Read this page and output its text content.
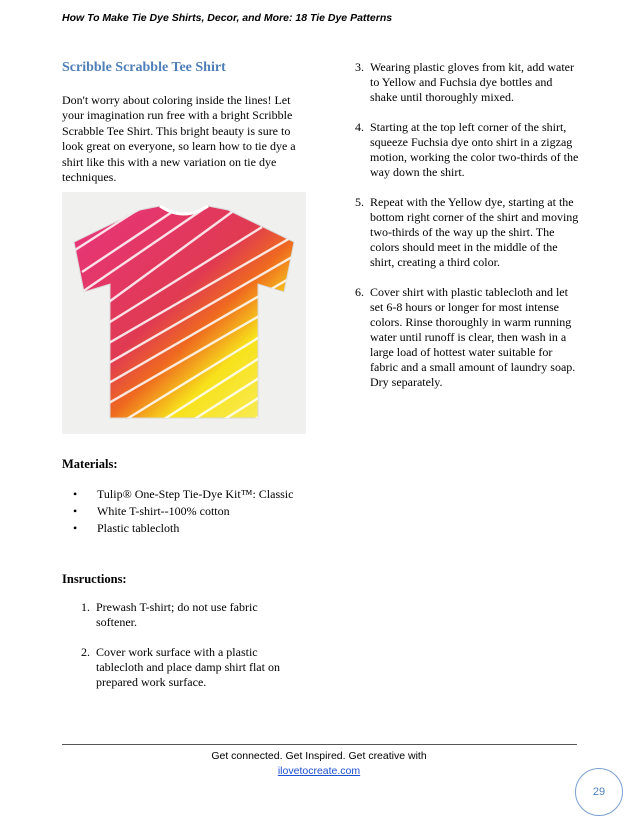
How To Make Tie Dye Shirts, Decor, and More: 18 Tie Dye Patterns
Scribble Scrabble Tee Shirt
Don't worry about coloring inside the lines! Let your imagination run free with a bright Scribble Scrabble Tee Shirt. This bright beauty is sure to look great on everyone, so learn how to tie dye a shirt like this with a new variation on tie dye techniques.
Materials:
• Tulip® One-Step Tie-Dye Kit™: Classic
• White T-shirt--100% cotton
• Plastic tablecloth
Insructions:
1. Prewash T-shirt; do not use fabric softener.
2. Cover work surface with a plastic tablecloth and place damp shirt flat on prepared work surface.
3. Wearing plastic gloves from kit, add water to Yellow and Fuchsia dye bottles and shake until thoroughly mixed.
4. Starting at the top left corner of the shirt, squeeze Fuchsia dye onto shirt in a zigzag motion, working the color two-thirds of the way down the shirt.
5. Repeat with the Yellow dye, starting at the bottom right corner of the shirt and moving two-thirds of the way up the shirt. The colors should meet in the middle of the shirt, creating a third color.
6. Cover shirt with plastic tablecloth and let set 6-8 hours or longer for most intense colors. Rinse thoroughly in warm running water until runoff is clear, then wash in a large load of hottest water suitable for fabric and a small amount of laundry soap. Dry separately.
Get connected. Get Inspired. Get creative with
ilovetocreate.com
29
